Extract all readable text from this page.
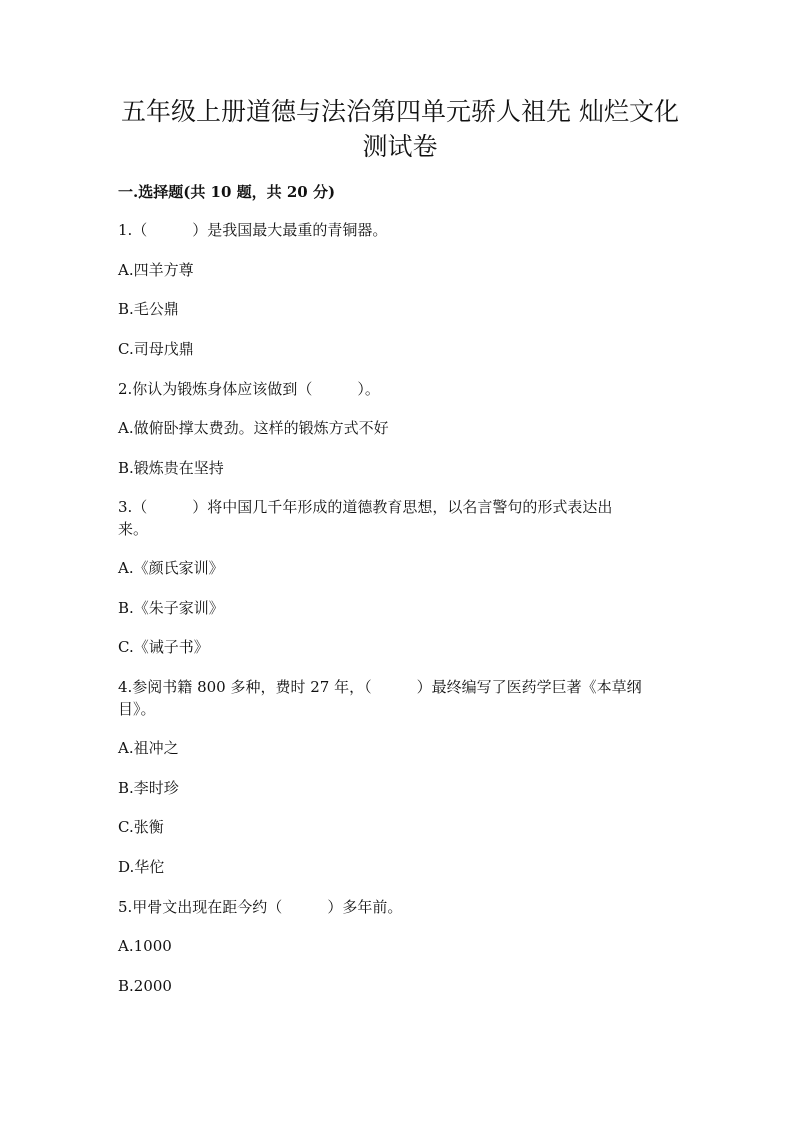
五年级上册道德与法治第四单元骄人祖先 灿烂文化
测试卷
一.选择题(共 10 题，共 20 分)
1.（　　　）是我国最大最重的青铜器。
A.四羊方尊
B.毛公鼎
C.司母戊鼎
2.你认为锻炼身体应该做到（　　　）。
A.做俯卧撑太费劲。这样的锻炼方式不好
B.锻炼贵在坚持
3.（　　　）将中国几千年形成的道德教育思想，以名言警句的形式表达出
来。
A.《颜氏家训》
B.《朱子家训》
C.《诫子书》
4.参阅书籍 800 多种，费时 27 年，（　　　）最终编写了医药学巨著《本草纲
目》。
A.祖冲之
B.李时珍
C.张衡
D.华佗
5.甲骨文出现在距今约（　　　）多年前。
A.1000
B.2000
